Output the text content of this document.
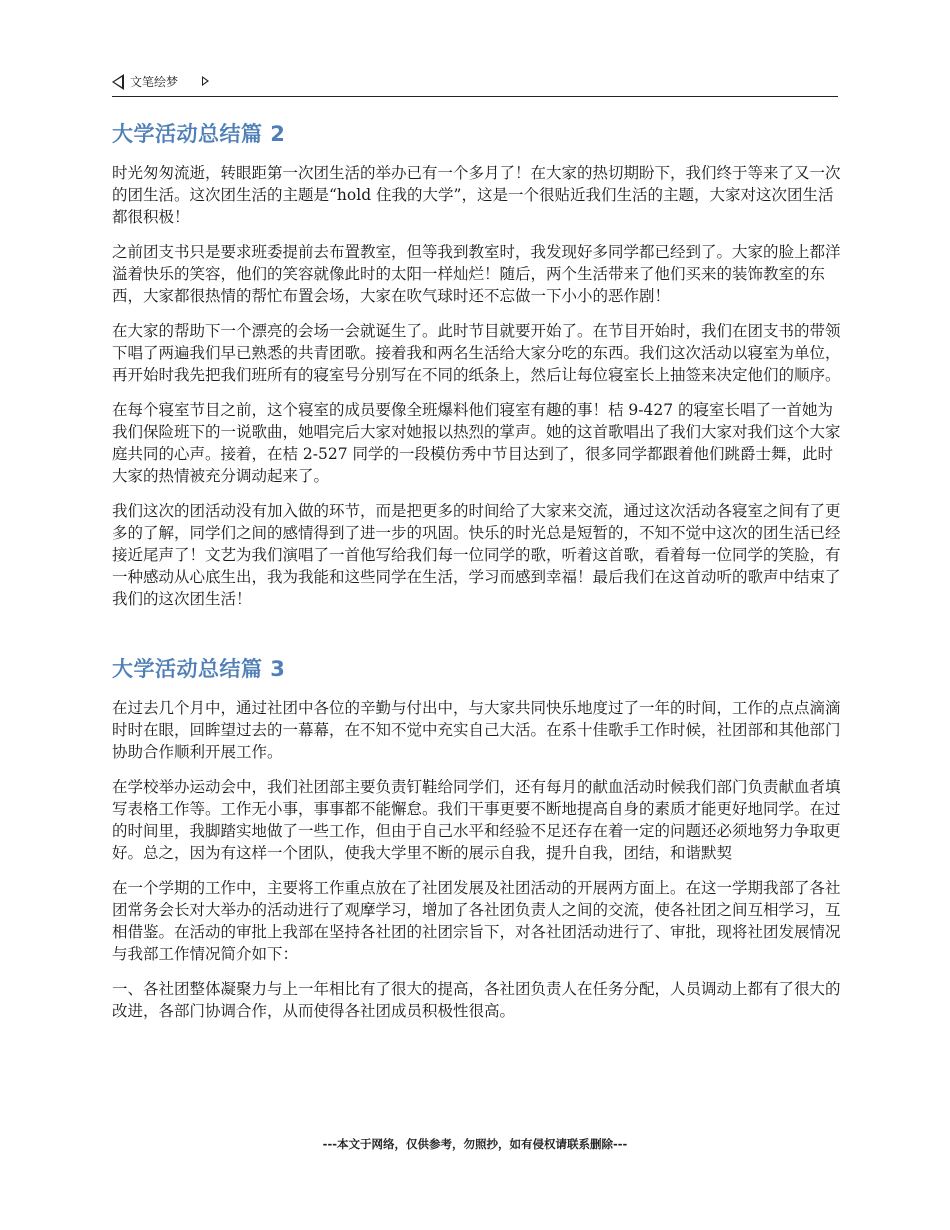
文笔绘梦
大学活动总结篇 2

时光匆匆流逝，转眼距第一次团生活的举办已有一个多月了！在大家的热切期盼下，我们终于等来了又一次的团生活。这次团生活的主题是“hold 住我的大学”，这是一个很贴近我们生活的主题，大家对这次团生活都很积极！

之前团支书只是要求班委提前去布置教室，但等我到教室时，我发现好多同学都已经到了。大家的脸上都洋溢着快乐的笑容，他们的笑容就像此时的太阳一样灿烂！随后，两个生活带来了他们买来的装饰教室的东西，大家都很热情的帮忙布置会场，大家在吹气球时还不忘做一下小小的恶作剧！

在大家的帮助下一个漂亮的会场一会就诞生了。此时节目就要开始了。在节目开始时，我们在团支书的带领下唱了两遍我们早已熟悉的共青团歌。接着我和两名生活给大家分吃的东西。我们这次活动以寝室为单位，再开始时我先把我们班所有的寝室号分别写在不同的纸条上，然后让每位寝室长上抽签来决定他们的顺序。

在每个寝室节目之前，这个寝室的成员要像全班爆料他们寝室有趣的事！桔 9-427 的寝室长唱了一首她为我们保险班下的一说歌曲，她唱完后大家对她报以热烈的掌声。她的这首歌唱出了我们大家对我们这个大家庭共同的心声。接着，在桔 2-527 同学的一段模仿秀中节目达到了，很多同学都跟着他们跳爵士舞，此时大家的热情被充分调动起来了。

我们这次的团活动没有加入做的环节，而是把更多的时间给了大家来交流，通过这次活动各寝室之间有了更多的了解，同学们之间的感情得到了进一步的巩固。快乐的时光总是短暂的，不知不觉中这次的团生活已经接近尾声了！文艺为我们演唱了一首他写给我们每一位同学的歌，听着这首歌，看着每一位同学的笑脸，有一种感动从心底生出，我为我能和这些同学在生活，学习而感到幸福！最后我们在这首动听的歌声中结束了我们的这次团生活！

大学活动总结篇 3

在过去几个月中，通过社团中各位的辛勤与付出中，与大家共同快乐地度过了一年的时间，工作的点点滴滴时时在眼，回眸望过去的一幕幕，在不知不觉中充实自己大活。在系十佳歌手工作时候，社团部和其他部门协助合作顺利开展工作。

在学校举办运动会中，我们社团部主要负责钉鞋给同学们，还有每月的献血活动时候我们部门负责献血者填写表格工作等。工作无小事，事事都不能懈怠。我们干事更要不断地提高自身的素质才能更好地同学。在过的时间里，我脚踏实地做了一些工作，但由于自己水平和经验不足还存在着一定的问题还必须地努力争取更好。总之，因为有这样一个团队，使我大学里不断的展示自我，提升自我，团结，和谐默契

在一个学期的工作中，主要将工作重点放在了社团发展及社团活动的开展两方面上。在这一学期我部了各社团常务会长对大举办的活动进行了观摩学习，增加了各社团负责人之间的交流，使各社团之间互相学习，互相借鉴。在活动的审批上我部在坚持各社团的社团宗旨下，对各社团活动进行了、审批，现将社团发展情况与我部工作情况简介如下：

一、各社团整体凝聚力与上一年相比有了很大的提高，各社团负责人在任务分配，人员调动上都有了很大的改进，各部门协调合作，从而使得各社团成员积极性很高。

---本文于网络，仅供参考，勿照抄，如有侵权请联系删除---
